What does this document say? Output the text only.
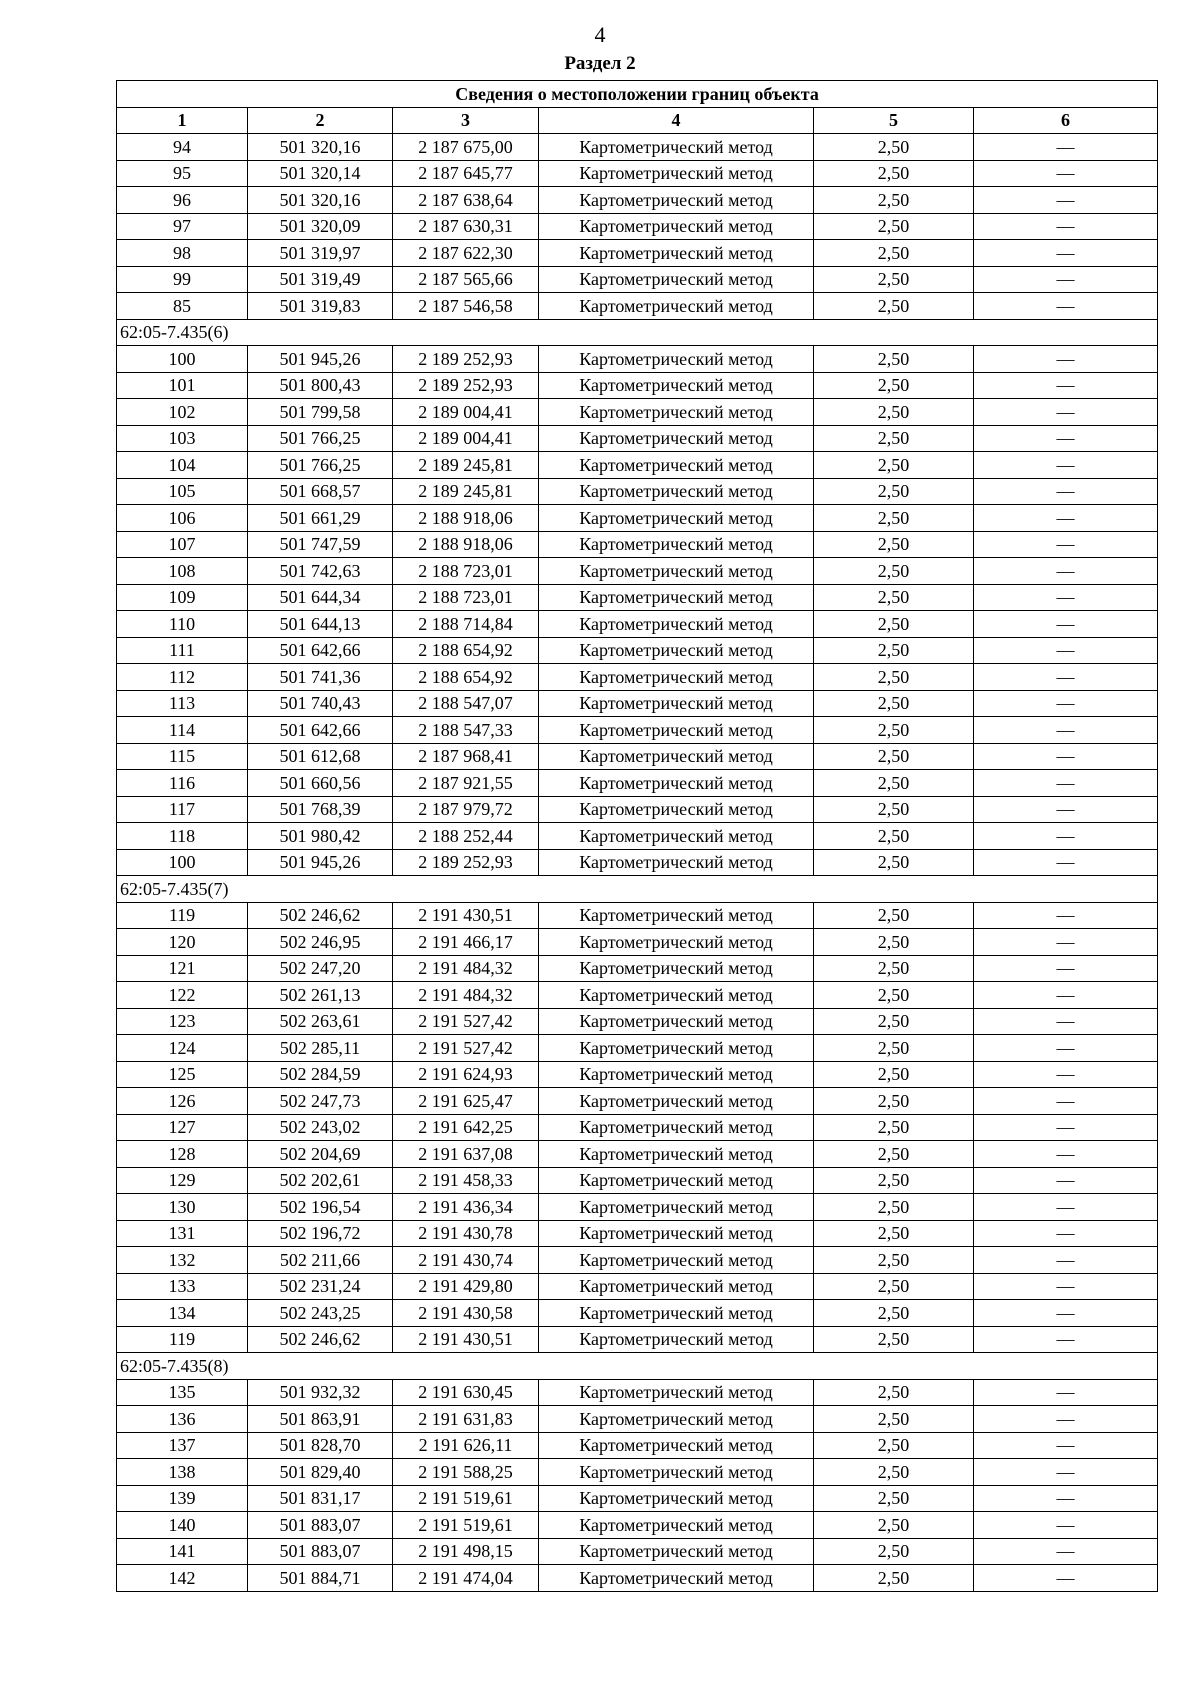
4
Раздел 2
Сведения о местоположении границ объекта					
1	2	3	4	5	6
94	501 320,16	2 187 675,00	Картометрический метод	2,50	—
95	501 320,14	2 187 645,77	Картометрический метод	2,50	—
96	501 320,16	2 187 638,64	Картометрический метод	2,50	—
97	501 320,09	2 187 630,31	Картометрический метод	2,50	—
98	501 319,97	2 187 622,30	Картометрический метод	2,50	—
99	501 319,49	2 187 565,66	Картометрический метод	2,50	—
85	501 319,83	2 187 546,58	Картометрический метод	2,50	—
62:05-7.435(6)					
100	501 945,26	2 189 252,93	Картометрический метод	2,50	—
101	501 800,43	2 189 252,93	Картометрический метод	2,50	—
102	501 799,58	2 189 004,41	Картометрический метод	2,50	—
103	501 766,25	2 189 004,41	Картометрический метод	2,50	—
104	501 766,25	2 189 245,81	Картометрический метод	2,50	—
105	501 668,57	2 189 245,81	Картометрический метод	2,50	—
106	501 661,29	2 188 918,06	Картометрический метод	2,50	—
107	501 747,59	2 188 918,06	Картометрический метод	2,50	—
108	501 742,63	2 188 723,01	Картометрический метод	2,50	—
109	501 644,34	2 188 723,01	Картометрический метод	2,50	—
110	501 644,13	2 188 714,84	Картометрический метод	2,50	—
111	501 642,66	2 188 654,92	Картометрический метод	2,50	—
112	501 741,36	2 188 654,92	Картометрический метод	2,50	—
113	501 740,43	2 188 547,07	Картометрический метод	2,50	—
114	501 642,66	2 188 547,33	Картометрический метод	2,50	—
115	501 612,68	2 187 968,41	Картометрический метод	2,50	—
116	501 660,56	2 187 921,55	Картометрический метод	2,50	—
117	501 768,39	2 187 979,72	Картометрический метод	2,50	—
118	501 980,42	2 188 252,44	Картометрический метод	2,50	—
100	501 945,26	2 189 252,93	Картометрический метод	2,50	—
62:05-7.435(7)					
119	502 246,62	2 191 430,51	Картометрический метод	2,50	—
120	502 246,95	2 191 466,17	Картометрический метод	2,50	—
121	502 247,20	2 191 484,32	Картометрический метод	2,50	—
122	502 261,13	2 191 484,32	Картометрический метод	2,50	—
123	502 263,61	2 191 527,42	Картометрический метод	2,50	—
124	502 285,11	2 191 527,42	Картометрический метод	2,50	—
125	502 284,59	2 191 624,93	Картометрический метод	2,50	—
126	502 247,73	2 191 625,47	Картометрический метод	2,50	—
127	502 243,02	2 191 642,25	Картометрический метод	2,50	—
128	502 204,69	2 191 637,08	Картометрический метод	2,50	—
129	502 202,61	2 191 458,33	Картометрический метод	2,50	—
130	502 196,54	2 191 436,34	Картометрический метод	2,50	—
131	502 196,72	2 191 430,78	Картометрический метод	2,50	—
132	502 211,66	2 191 430,74	Картометрический метод	2,50	—
133	502 231,24	2 191 429,80	Картометрический метод	2,50	—
134	502 243,25	2 191 430,58	Картометрический метод	2,50	—
119	502 246,62	2 191 430,51	Картометрический метод	2,50	—
62:05-7.435(8)					
135	501 932,32	2 191 630,45	Картометрический метод	2,50	—
136	501 863,91	2 191 631,83	Картометрический метод	2,50	—
137	501 828,70	2 191 626,11	Картометрический метод	2,50	—
138	501 829,40	2 191 588,25	Картометрический метод	2,50	—
139	501 831,17	2 191 519,61	Картометрический метод	2,50	—
140	501 883,07	2 191 519,61	Картометрический метод	2,50	—
141	501 883,07	2 191 498,15	Картометрический метод	2,50	—
142	501 884,71	2 191 474,04	Картометрический метод	2,50	—
